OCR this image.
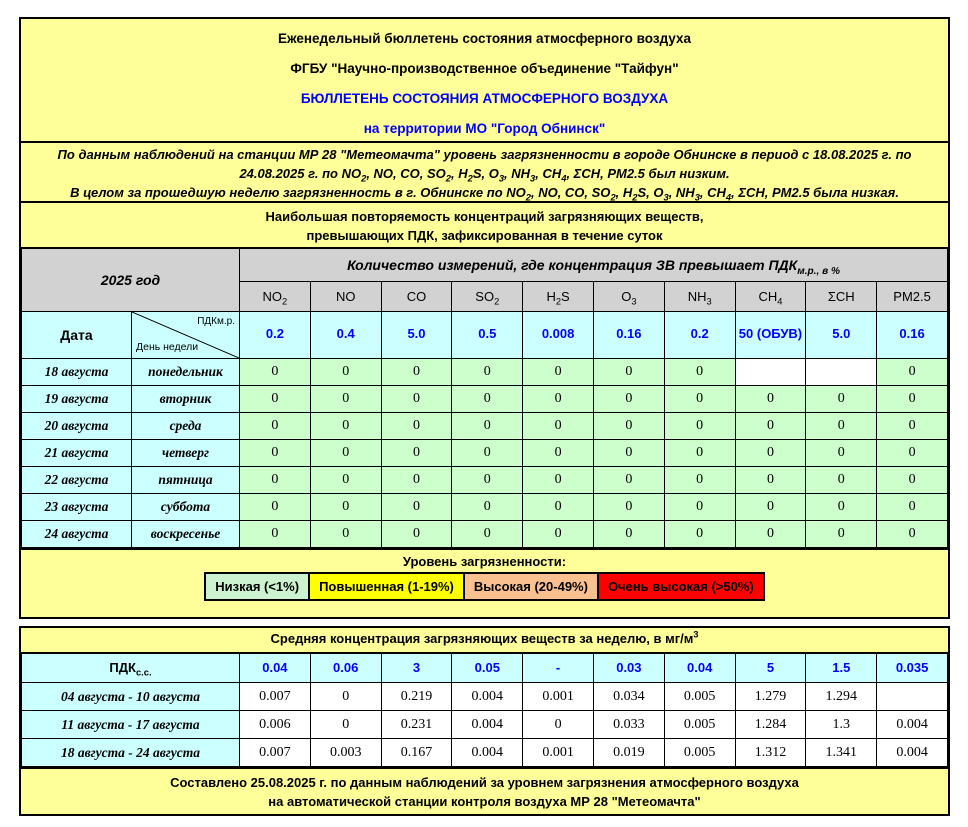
Еженедельный бюллетень состояния атмосферного воздуха
ФГБУ "Научно-производственное объединение "Тайфун"
БЮЛЛЕТЕНЬ СОСТОЯНИЯ АТМОСФЕРНОГО ВОЗДУХА
на территории МО "Город Обнинск"
По данным наблюдений на станции МР 28 "Метеомачта" уровень загрязненности в городе Обнинске в период с 18.08.2025 г. по 24.08.2025 г. по $NO_2$, NO, CO, $SO_2$, $H_2S$, $O_3$, $NH_3$, $CH_4$, ΣCH, PM2.5 был низким.
В целом за прошедшую неделю загрязненность в г. Обнинске по $NO_2$, NO, CO, $SO_2$, $H_2S$, $O_3$, $NH_3$, $CH_4$, ΣCH, PM2.5 была низкая.
Наибольшая повторяемость концентраций загрязняющих веществ,
превышающих ПДК, зафиксированная в течение суток
2025 год		Количество измерений, где концентрация ЗВ превышает $ПДК_{м.р., в \%}$
		$NO_2$	NO	CO	$SO_2$	$H_2S$	$O_3$	$NH_3$	$CH_4$	ΣCH	PM2.5
Дата	ПДКм.р.
День недели	0.2	0.4	5.0	0.5	0.008	0.16	0.2	50 (ОБУВ)	5.0	0.16
18 августа	понедельник	0	0	0	0	0	0	0			0
19 августа	вторник	0	0	0	0	0	0	0	0	0	0
20 августа	среда	0	0	0	0	0	0	0	0	0	0
21 августа	четверг	0	0	0	0	0	0	0	0	0	0
22 августа	пятница	0	0	0	0	0	0	0	0	0	0
23 августа	суббота	0	0	0	0	0	0	0	0	0	0
24 августа	воскресенье	0	0	0	0	0	0	0	0	0	0
Уровень загрязненности:
Низкая (<1%)	Повышенная (1-19%)	Высокая (20-49%)	Очень высокая (>50%)
Средняя концентрация загрязняющих веществ за неделю, в $мг/м^3$
$ПДК_{с.с.}$	0.04	0.06	3	0.05	-	0.03	0.04	5	1.5	0.035
04 августа - 10 августа	0.007	0	0.219	0.004	0.001	0.034	0.005	1.279	1.294	
11 августа - 17 августа	0.006	0	0.231	0.004	0	0.033	0.005	1.284	1.3	0.004
18 августа - 24 августа	0.007	0.003	0.167	0.004	0.001	0.019	0.005	1.312	1.341	0.004
Составлено 25.08.2025 г. по данным наблюдений за уровнем загрязнения атмосферного воздуха
на автоматической станции контроля воздуха МР 28 "Метеомачта"
